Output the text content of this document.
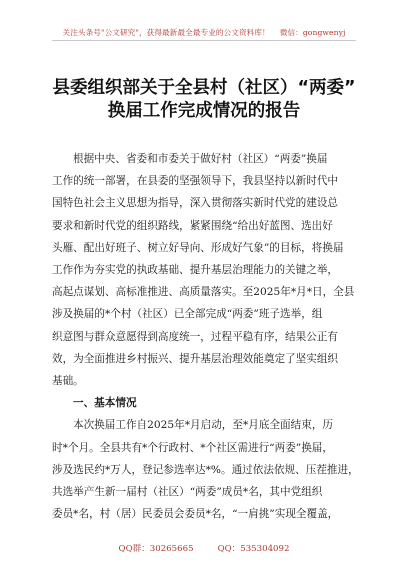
关注头条号"公文研究"，获得最新最全最专业的公文资料库！ 微信：gongwenyj
县委组织部关于全县村（社区）“两委”
换届工作完成情况的报告
根据中央、省委和市委关于做好村（社区）“两委”换届
工作的统一部署，在县委的坚强领导下，我县坚持以新时代中
国特色社会主义思想为指导，深入贯彻落实新时代党的建设总
要求和新时代党的组织路线，紧紧围绕“给出好蓝图、选出好
头雁、配出好班子、树立好导向、形成好气象”的目标，将换届
工作作为夯实党的执政基础、提升基层治理能力的关键之举，
高起点谋划、高标准推进、高质量落实。至2025年*月*日，全县
涉及换届的*个村（社区）已全部完成“两委”班子选举，组
织意图与群众意愿得到高度统一，过程平稳有序，结果公正有
效，为全面推进乡村振兴、提升基层治理效能奠定了坚实组织
基础。
一、基本情况
本次换届工作自2025年*月启动，至*月底全面结束，历
时*个月。全县共有*个行政村、*个社区需进行“两委”换届，
涉及选民约*万人，登记参选率达*%。通过依法依规、压茬推进，
共选举产生新一届村（社区）“两委”成员*名，其中党组织
委员*名，村（居）民委员会委员*名，“一肩挑”实现全覆盖，
QQ群：30265665	QQ：535304092
